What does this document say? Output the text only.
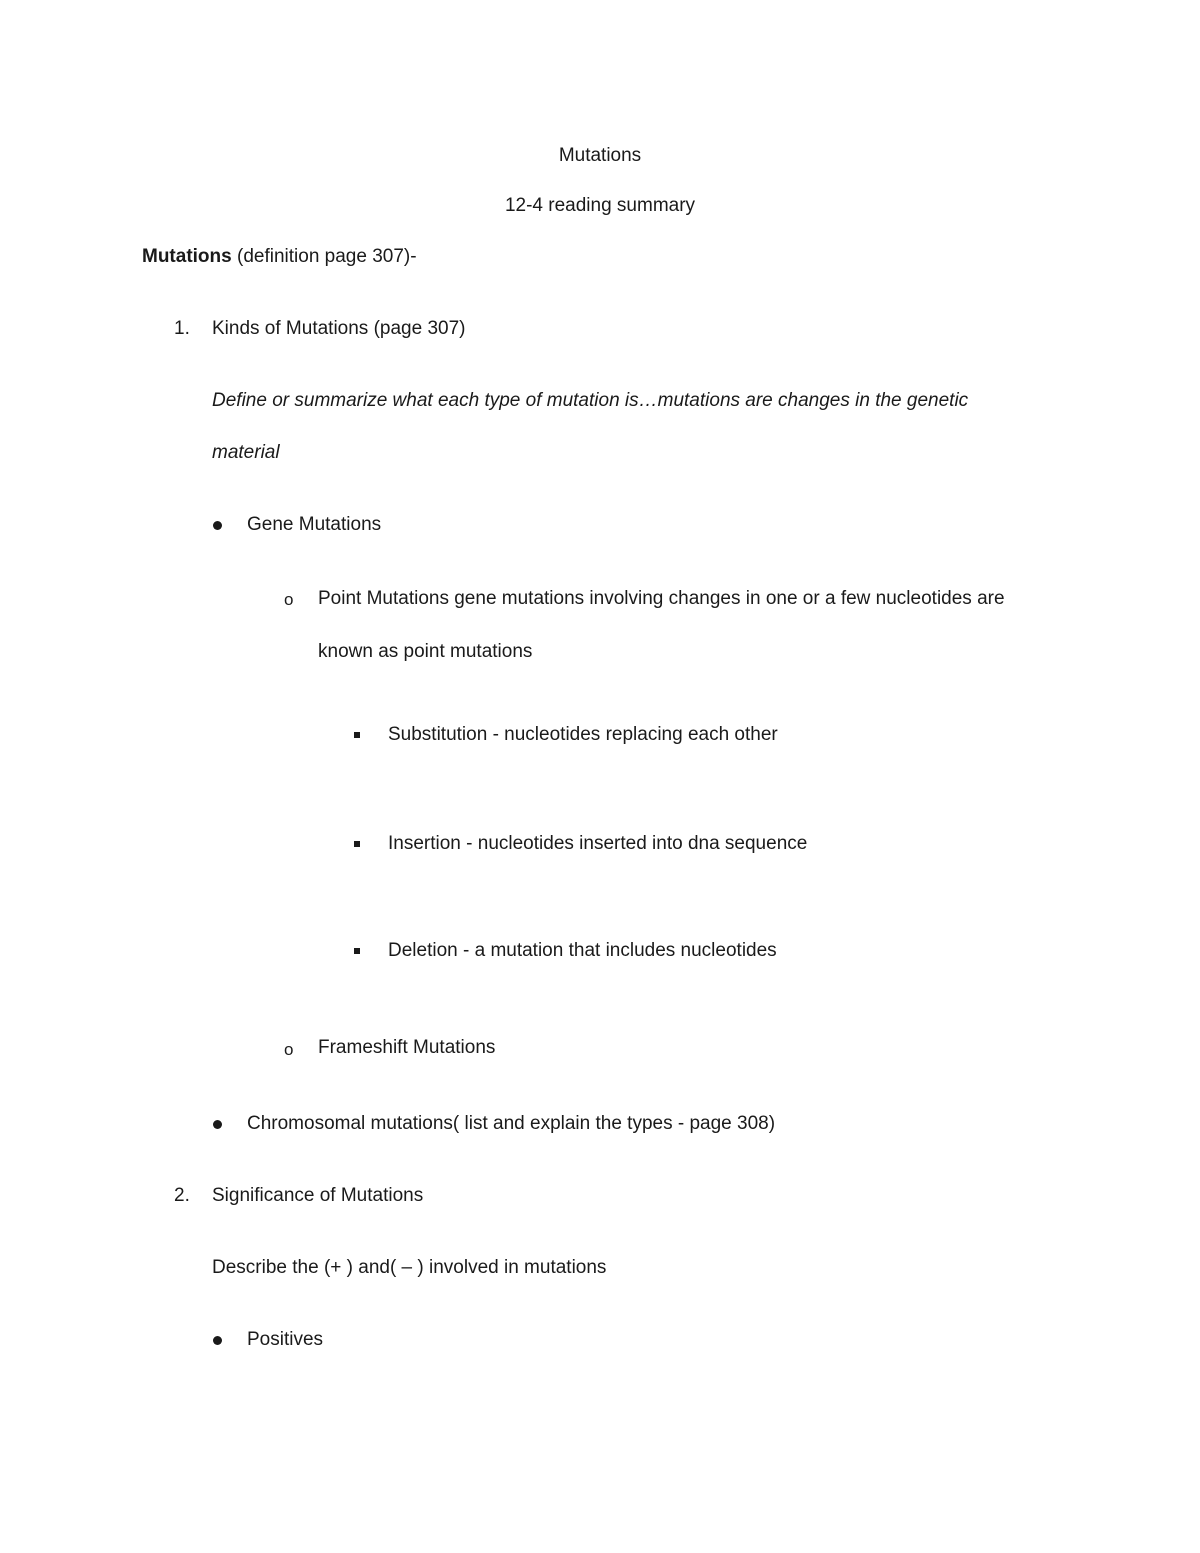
Mutations
12-4 reading summary
Mutations (definition page 307)-
1. Kinds of Mutations (page 307)
Define or summarize what each type of mutation is…mutations are changes in the genetic
material
Gene Mutations
o Point Mutations gene mutations involving changes in one or a few nucleotides are
known as point mutations
Substitution - nucleotides replacing each other
Insertion - nucleotides inserted into dna sequence
Deletion - a mutation that includes nucleotides
o Frameshift Mutations
Chromosomal mutations( list and explain the types - page 308)
2. Significance of Mutations
Describe the (+ ) and( – ) involved in mutations
Positives
